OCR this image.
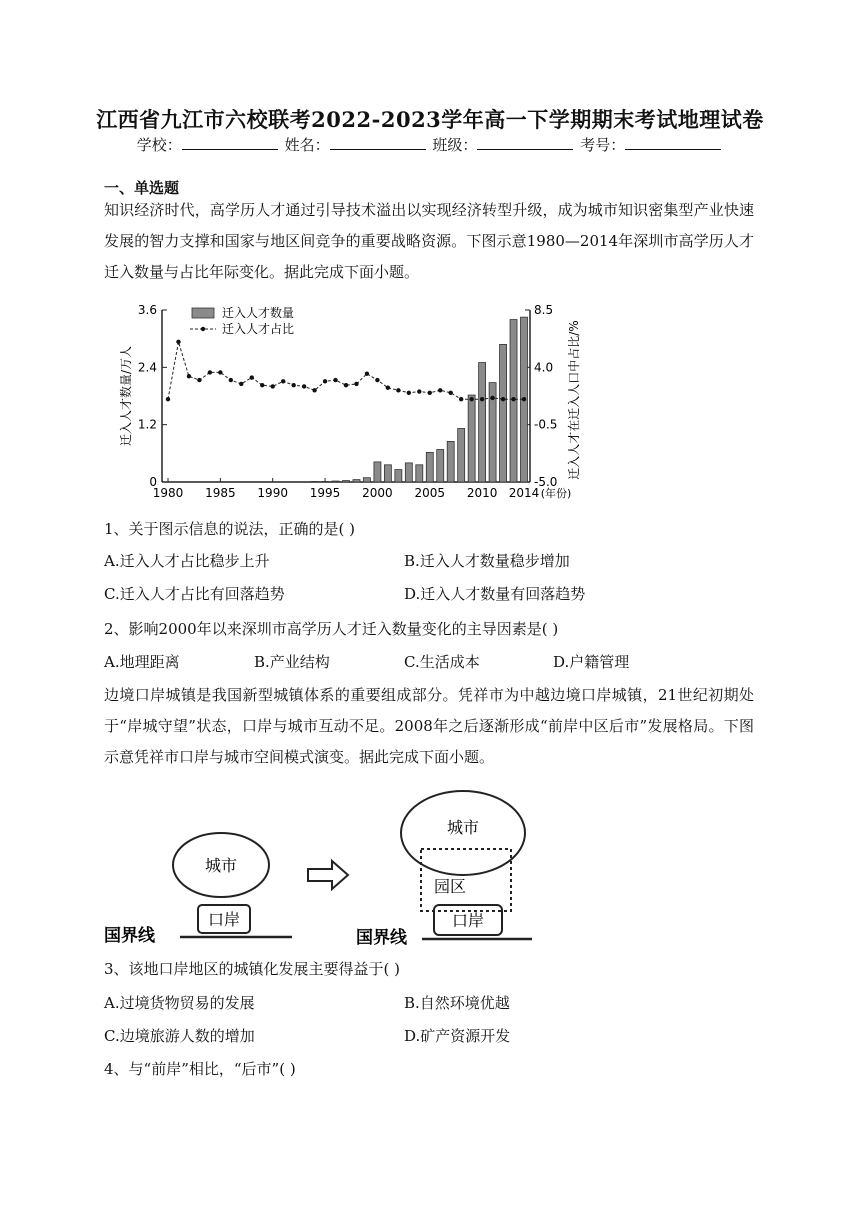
江西省九江市六校联考2022-2023学年高一下学期期末考试地理试卷
学校：	姓名：	班级：	考号：
一、单选题
知识经济时代，高学历人才通过引导技术溢出以实现经济转型升级，成为城市知识密集型产业快速发展的智力支撑和国家与地区间竞争的重要战略资源。下图示意1980—2014年深圳市高学历人才迁入数量与占比年际变化。据此完成下面小题。
0
1.2
2.4
3.6
-5.0
-0.5
4.0
8.5
1980 1985 1990 1995 2000 2005 2010 2014 (年份)
迁入人才数量/万人	迁入人才在迁入人口中占比/%
迁入人才数量
迁入人才占比
1、关于图示信息的说法，正确的是( )
A.迁入人才占比稳步上升	B.迁入人才数量稳步增加
C.迁入人才占比有回落趋势	D.迁入人才数量有回落趋势
2、影响2000年以来深圳市高学历人才迁入数量变化的主导因素是( )
A.地理距离	B.产业结构	C.生活成本	D.户籍管理
边境口岸城镇是我国新型城镇体系的重要组成部分。凭祥市为中越边境口岸城镇，21世纪初期处于“岸城守望”状态，口岸与城市互动不足。2008年之后逐渐形成“前岸中区后市”发展格局。下图示意凭祥市口岸与城市空间模式演变。据此完成下面小题。
城市
口岸
国界线
城市
园区
口岸
国界线
3、该地口岸地区的城镇化发展主要得益于( )
A.过境货物贸易的发展	B.自然环境优越
C.边境旅游人数的增加	D.矿产资源开发
4、与“前岸”相比，“后市”( )
